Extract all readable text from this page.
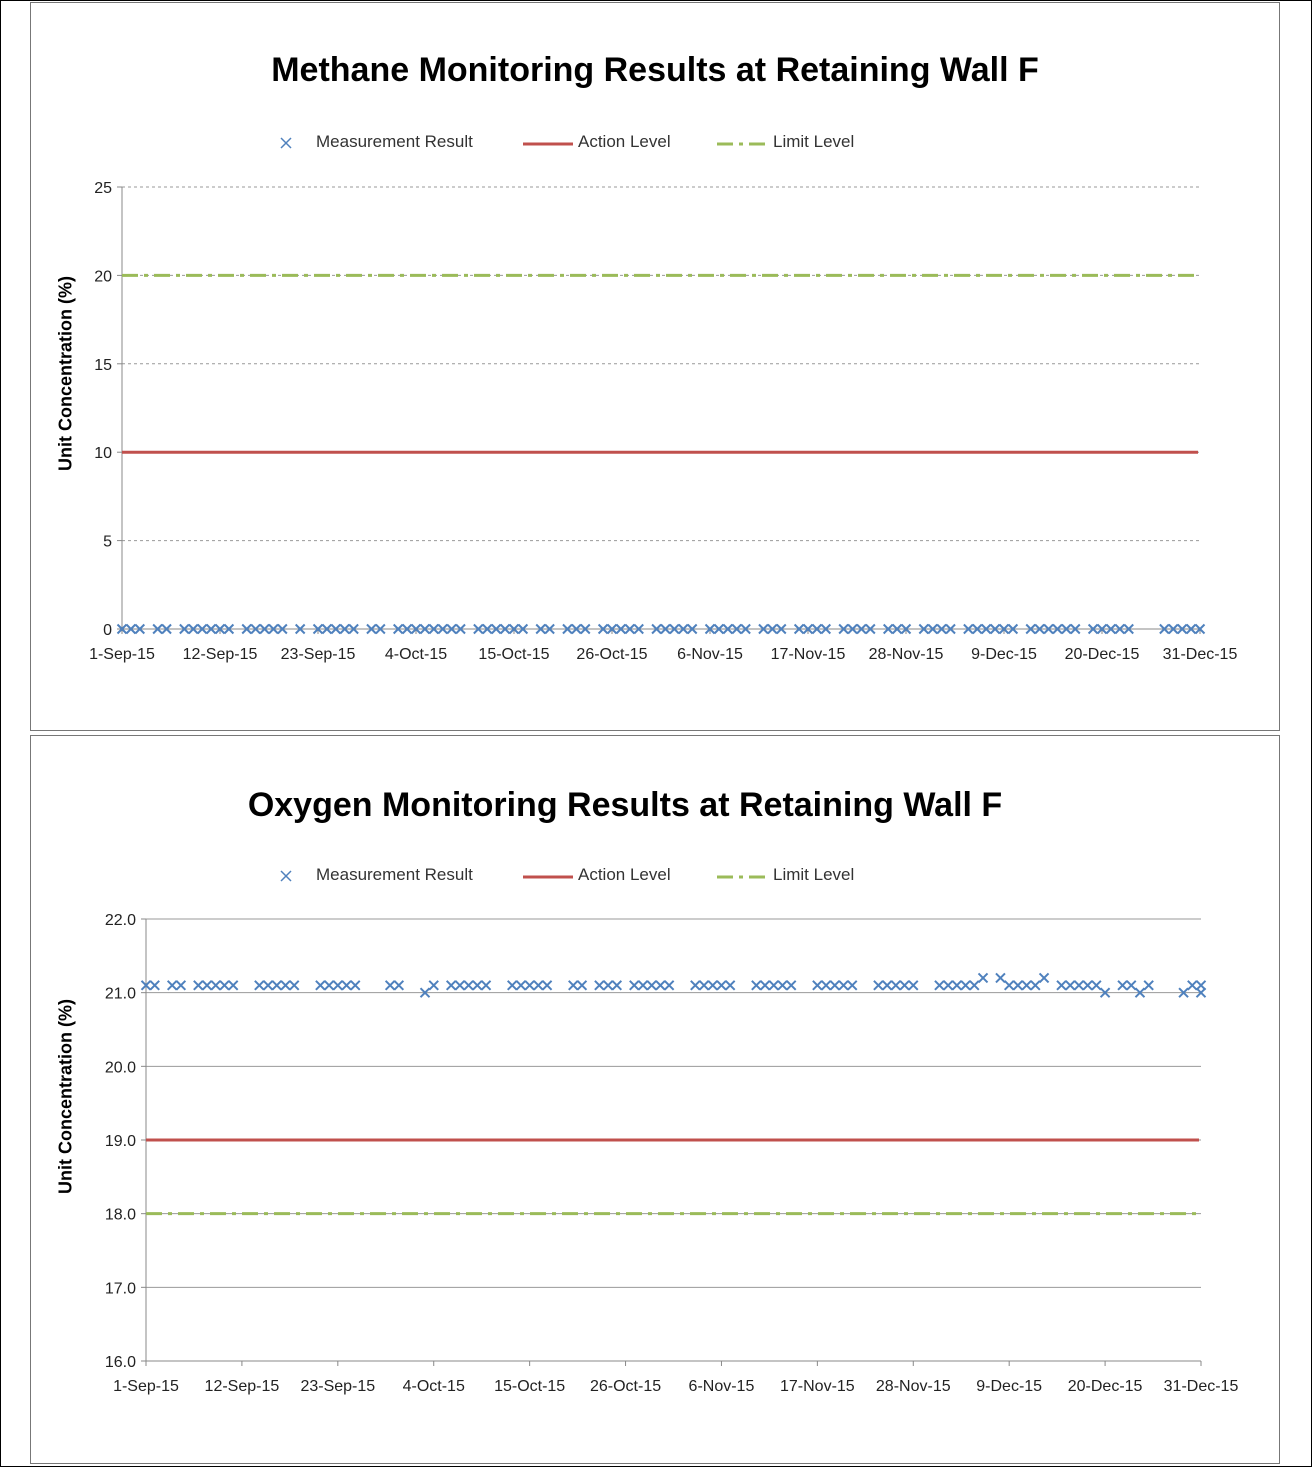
Methane Monitoring Results at Retaining Wall F
Measurement Result	Action Level	Limit Level
Unit Concentration (%)
0
5
10
15
20
25
1-Sep-15 12-Sep-15 23-Sep-15 4-Oct-15 15-Oct-15 26-Oct-15 6-Nov-15 17-Nov-15 28-Nov-15 9-Dec-15 20-Dec-15 31-Dec-15
Oxygen Monitoring Results at Retaining Wall F
Measurement Result	Action Level	Limit Level
Unit Concentration (%)
16.0
17.0
18.0
19.0
20.0
21.0
22.0
1-Sep-15 12-Sep-15 23-Sep-15 4-Oct-15 15-Oct-15 26-Oct-15 6-Nov-15 17-Nov-15 28-Nov-15 9-Dec-15 20-Dec-15 31-Dec-15
